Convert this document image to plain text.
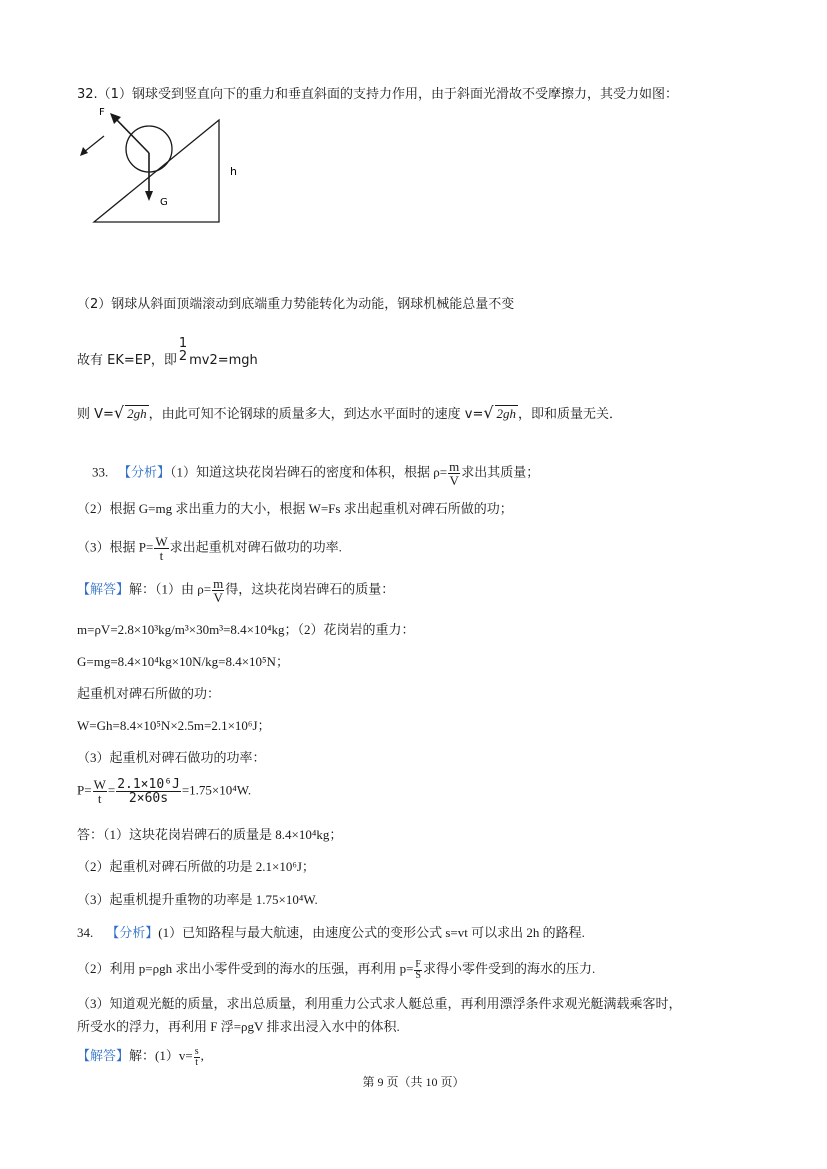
32.（1）钢球受到竖直向下的重力和垂直斜面的支持力作用，由于斜面光滑故不受摩擦力，其受力如图：
F
G
h
（2）钢球从斜面顶端滚动到底端重力势能转化为动能，钢球机械能总量不变
故有 EK=EP，即
1
2 mv2=mgh
则 V=√ 2gh ，由此可知不论钢球的质量多大，到达水平面时的速度 v=√ 2gh ，即和质量无关．
33. 【分析】（1）知道这块花岗岩碑石的密度和体积，根据 $\rho= \frac{m}{V}$ 求出其质量；
（2）根据 G=mg 求出重力的大小，根据 W=Fs 求出起重机对碑石所做的功；
（3）根据 $P= \frac{W}{t}$ 求出起重机对碑石做功的功率.
【解答】解：（1）由 $\rho= \frac{m}{V}$ 得，这块花岗岩碑石的质量：
m=ρV=2.8×10³kg/m³×30m³=8.4×10⁴kg；（2）花岗岩的重力：
G=mg=8.4×10⁴kg×10N/kg=8.4×10⁵N；
起重机对碑石所做的功：
W=Gh=8.4×10⁵N×2.5m=2.1×10⁶J；
（3）起重机对碑石做功的功率：
$P= \frac{W}{t} = \frac{\text{2.1×10⁶J}}{2\times 60s} =1.75\times 10^4W$.
答：（1）这块花岗岩碑石的质量是 8.4×10⁴kg；
（2）起重机对碑石所做的功是 2.1×10⁶J；
（3）起重机提升重物的功率是 1.75×10⁴W.
34. 【分析】(1）已知路程与最大航速，由速度公式的变形公式 s=vt 可以求出 2h 的路程.
（2）利用 p=ρgh 求出小零件受到的海水的压强，再利用 $p= \frac{F}{S}$ 求得小零件受到的海水的压力.
（3）知道观光艇的质量，求出总质量，利用重力公式求人艇总重，再利用漂浮条件求观光艇满载乘客时，
所受水的浮力，再利用 F 浮=ρgV 排求出浸入水中的体积.
【解答】解：$(1)v= \frac{s}{t}$ ,
第 9 页（共 10 页）
